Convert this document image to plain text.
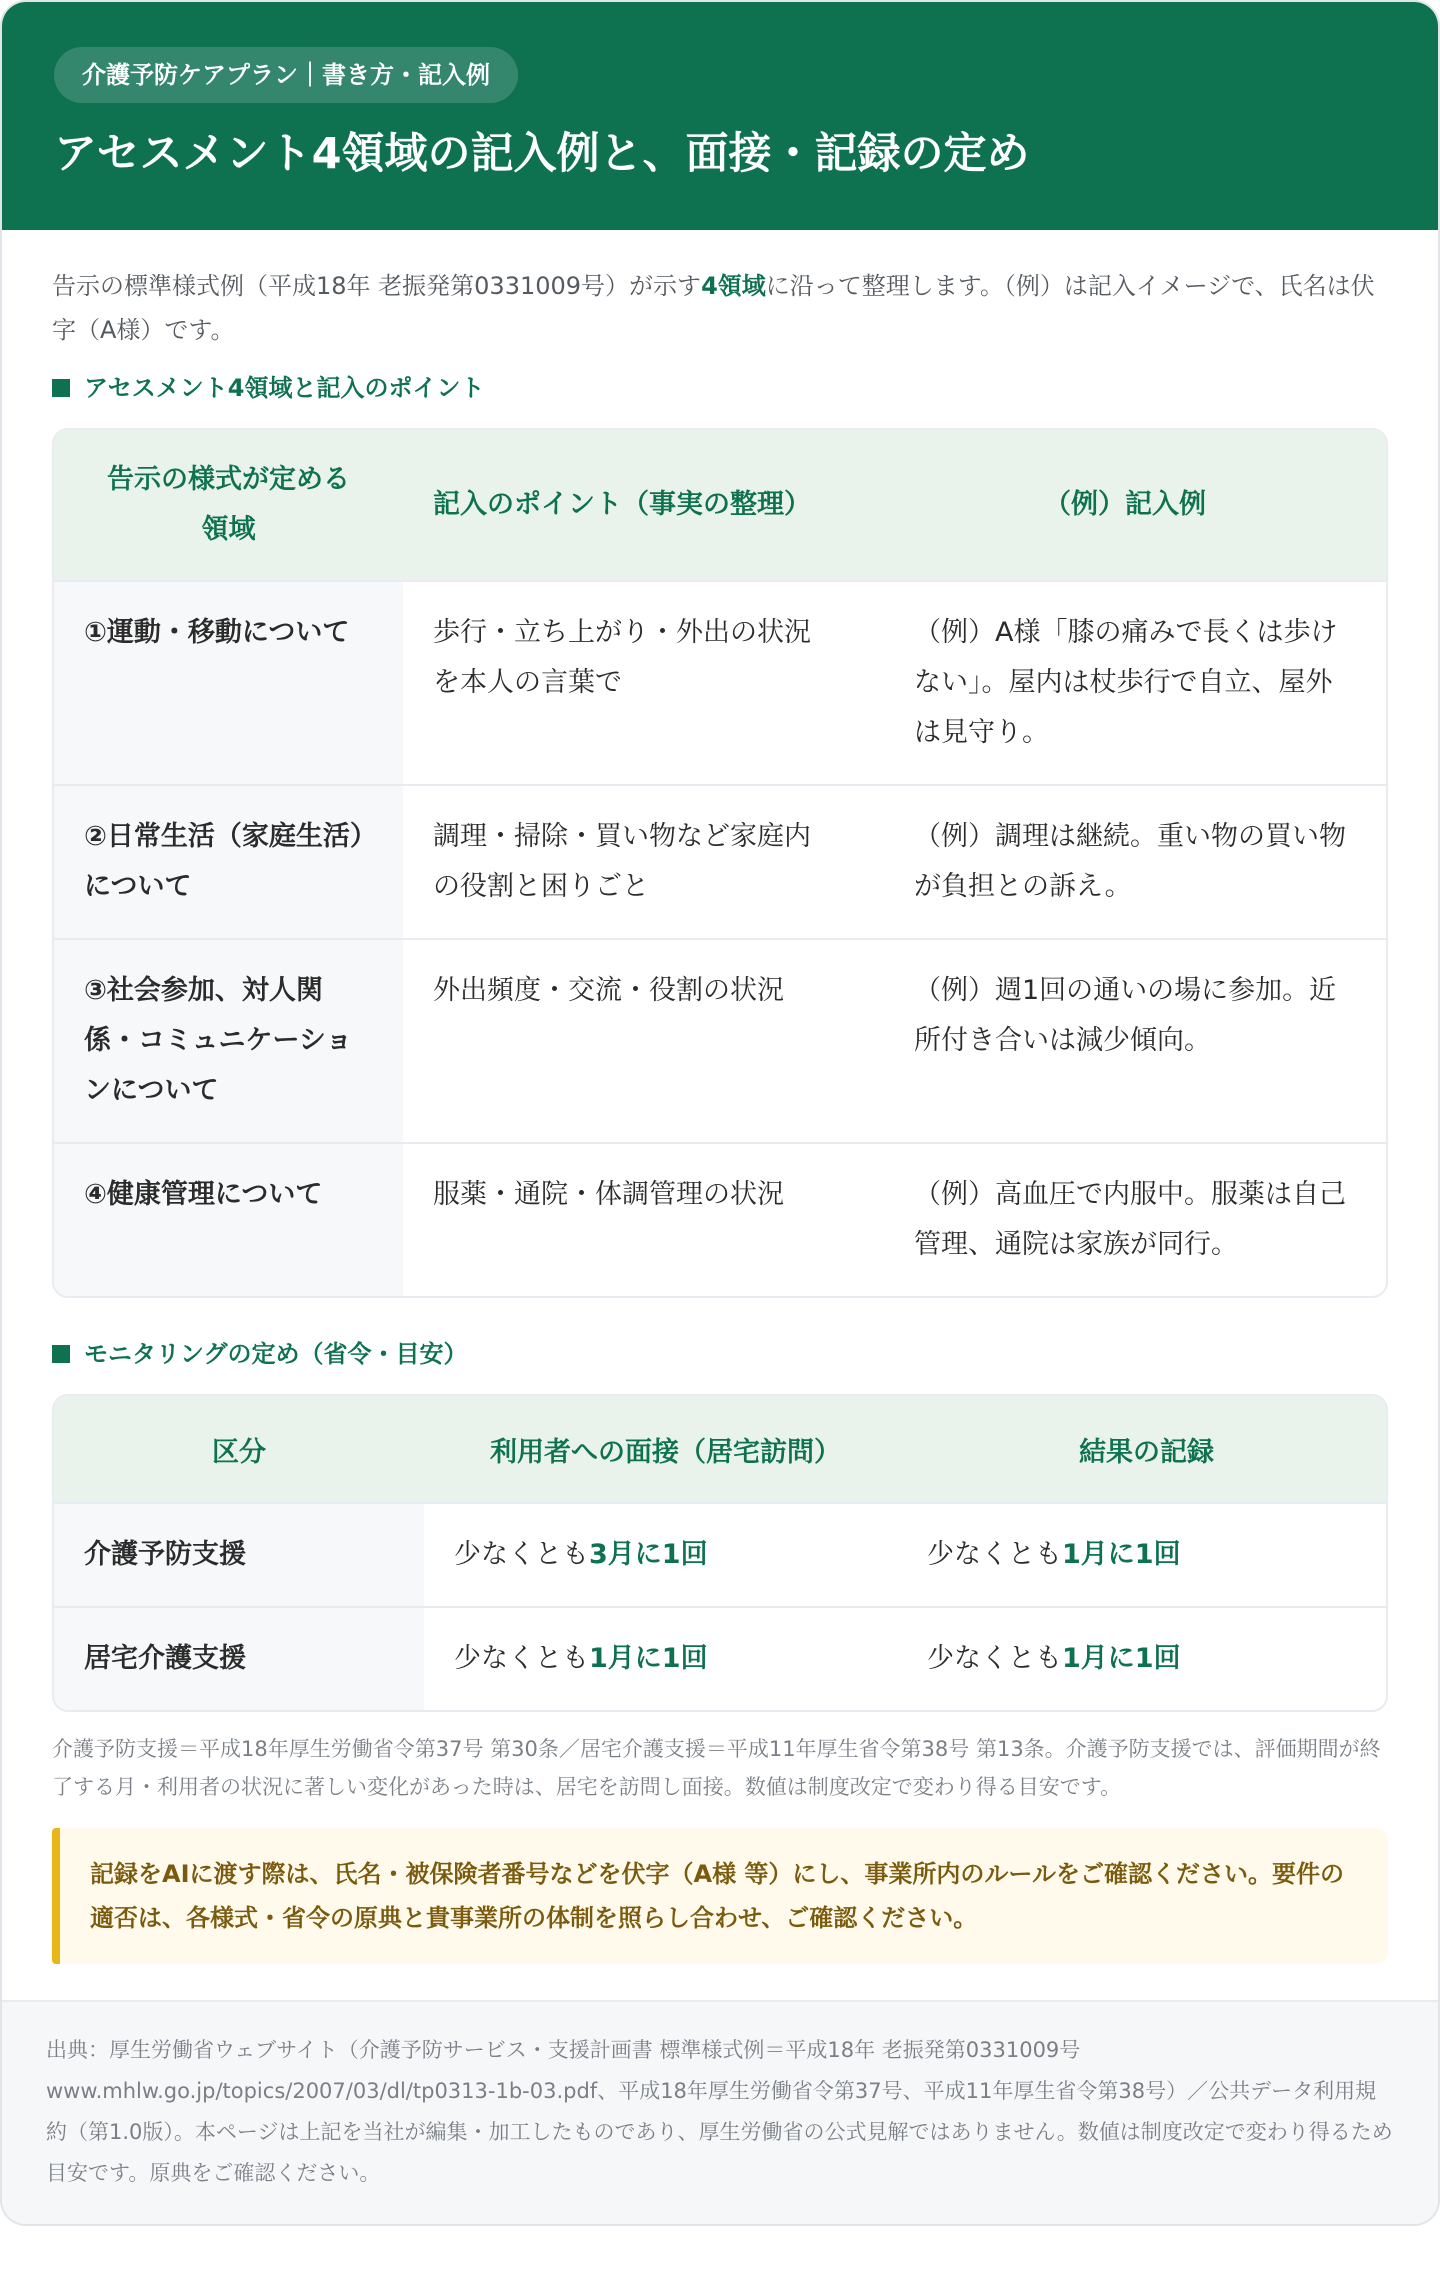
介護予防ケアプラン｜書き方・記入例
アセスメント4領域の記入例と、面接・記録の定め

告示の標準様式例（平成18年 老振発第0331009号）が示す4領域に沿って整理します。（例）は記入イメージで、氏名は伏字（A様）です。

アセスメント4領域と記入のポイント
告示の様式が定める領域	記入のポイント（事実の整理）	（例）記入例
①運動・移動について	歩行・立ち上がり・外出の状況を本人の言葉で	（例）A様「膝の痛みで長くは歩けない」。屋内は杖歩行で自立、屋外は見守り。
②日常生活（家庭生活）について	調理・掃除・買い物など家庭内の役割と困りごと	（例）調理は継続。重い物の買い物が負担との訴え。
③社会参加、対人関係・コミュニケーションについて	外出頻度・交流・役割の状況	（例）週1回の通いの場に参加。近所付き合いは減少傾向。
④健康管理について	服薬・通院・体調管理の状況	（例）高血圧で内服中。服薬は自己管理、通院は家族が同行。
モニタリングの定め（省令・目安）
区分	利用者への面接（居宅訪問）	結果の記録
介護予防支援	少なくとも3月に1回	少なくとも1月に1回
居宅介護支援	少なくとも1月に1回	少なくとも1月に1回

介護予防支援＝平成18年厚生労働省令第37号 第30条／居宅介護支援＝平成11年厚生省令第38号 第13条。介護予防支援では、評価期間が終了する月・利用者の状況に著しい変化があった時は、居宅を訪問し面接。数値は制度改定で変わり得る目安です。

記録をAIに渡す際は、氏名・被保険者番号などを伏字（A様 等）にし、事業所内のルールをご確認ください。要件の適否は、各様式・省令の原典と貴事業所の体制を照らし合わせ、ご確認ください。
出典：厚生労働省ウェブサイト（介護予防サービス・支援計画書 標準様式例＝平成18年 老振発第0331009号 www.mhlw.go.jp/topics/2007/03/dl/tp0313-1b-03.pdf、平成18年厚生労働省令第37号、平成11年厚生省令第38号）／公共データ利用規約（第1.0版）。本ページは上記を当社が編集・加工したものであり、厚生労働省の公式見解ではありません。数値は制度改定で変わり得るため目安です。原典をご確認ください。
